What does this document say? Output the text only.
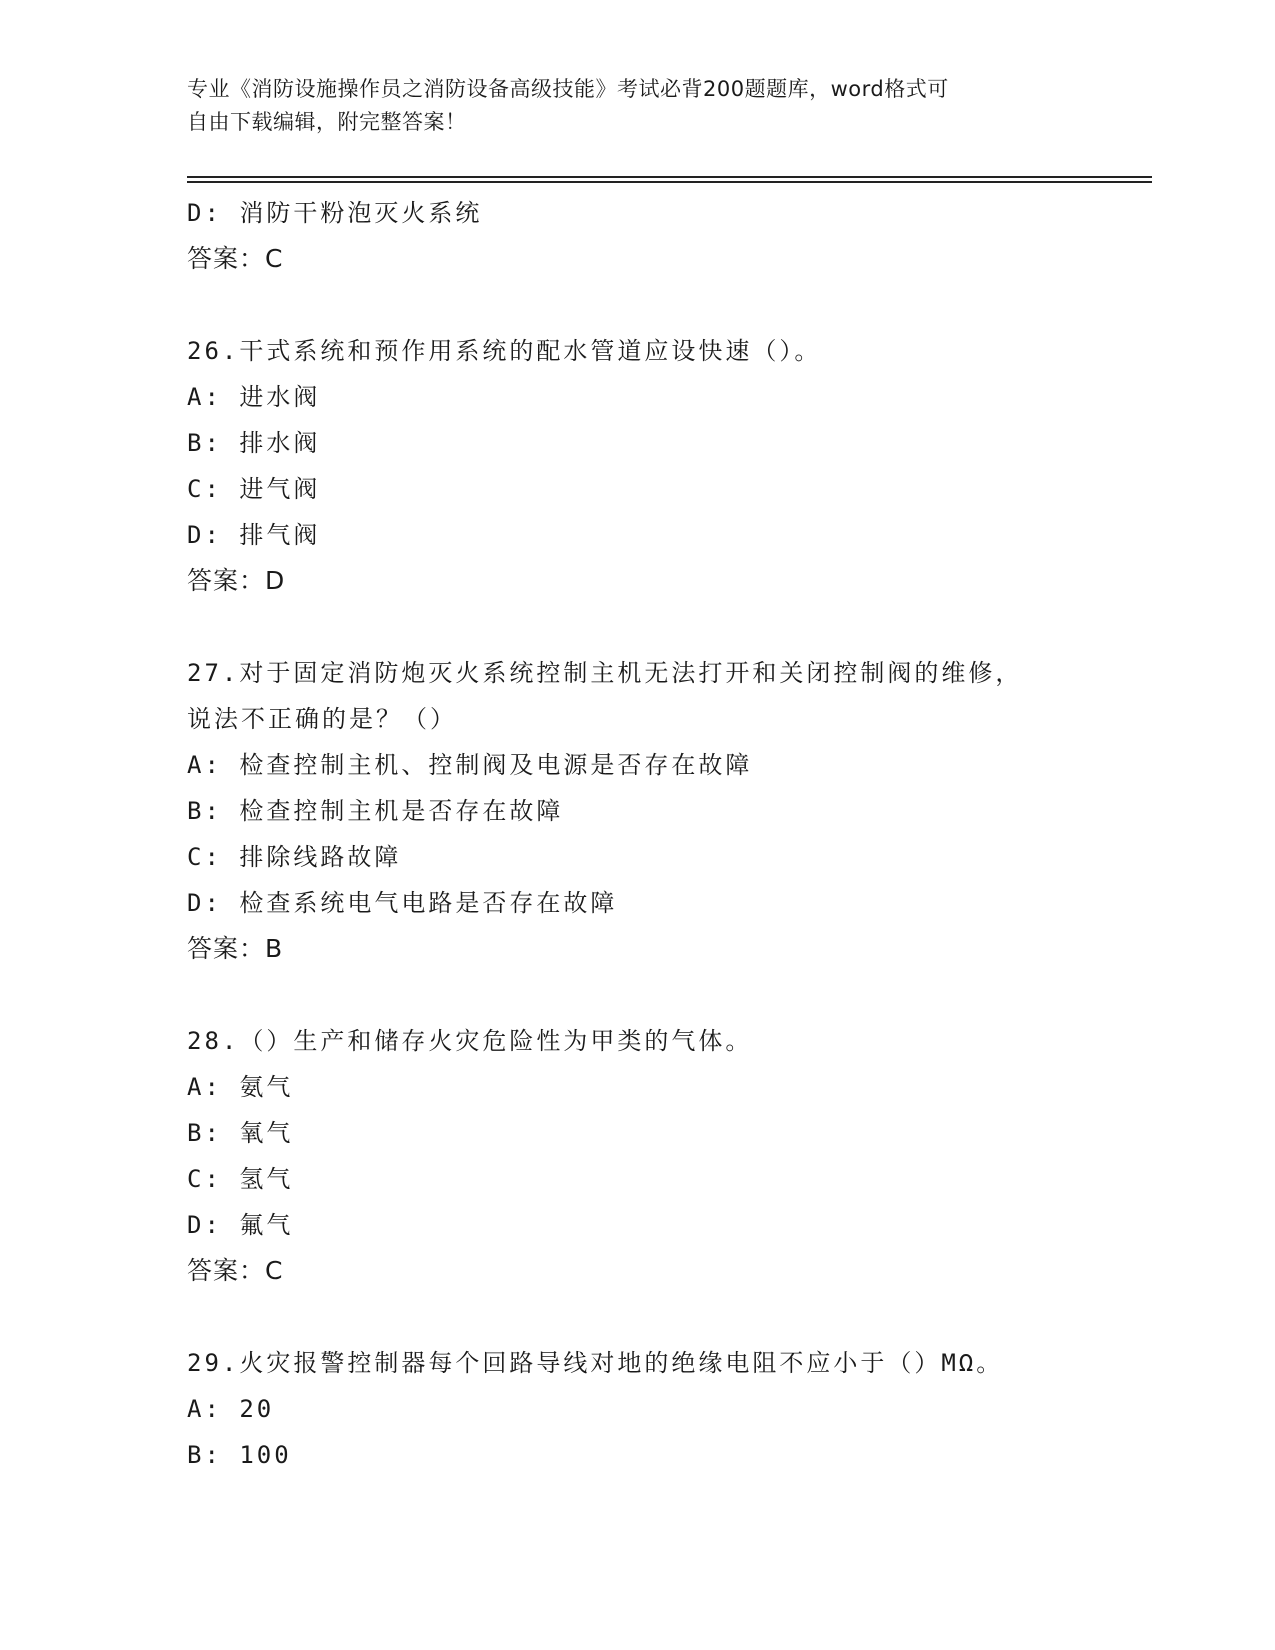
专业《消防设施操作员之消防设备高级技能》考试必背200题题库，word格式可
自由下载编辑，附完整答案！
D: 消防干粉泡灭火系统
答案：C
26.干式系统和预作用系统的配水管道应设快速（）。
A: 进水阀
B: 排水阀
C: 进气阀
D: 排气阀
答案：D
27.对于固定消防炮灭火系统控制主机无法打开和关闭控制阀的维修，
说法不正确的是？（）
A: 检查控制主机、控制阀及电源是否存在故障
B: 检查控制主机是否存在故障
C: 排除线路故障
D: 检查系统电气电路是否存在故障
答案：B
28.（）生产和储存火灾危险性为甲类的气体。
A: 氨气
B: 氧气
C: 氢气
D: 氟气
答案：C
29.火灾报警控制器每个回路导线对地的绝缘电阻不应小于（）MΩ。
A: 20
B: 100
